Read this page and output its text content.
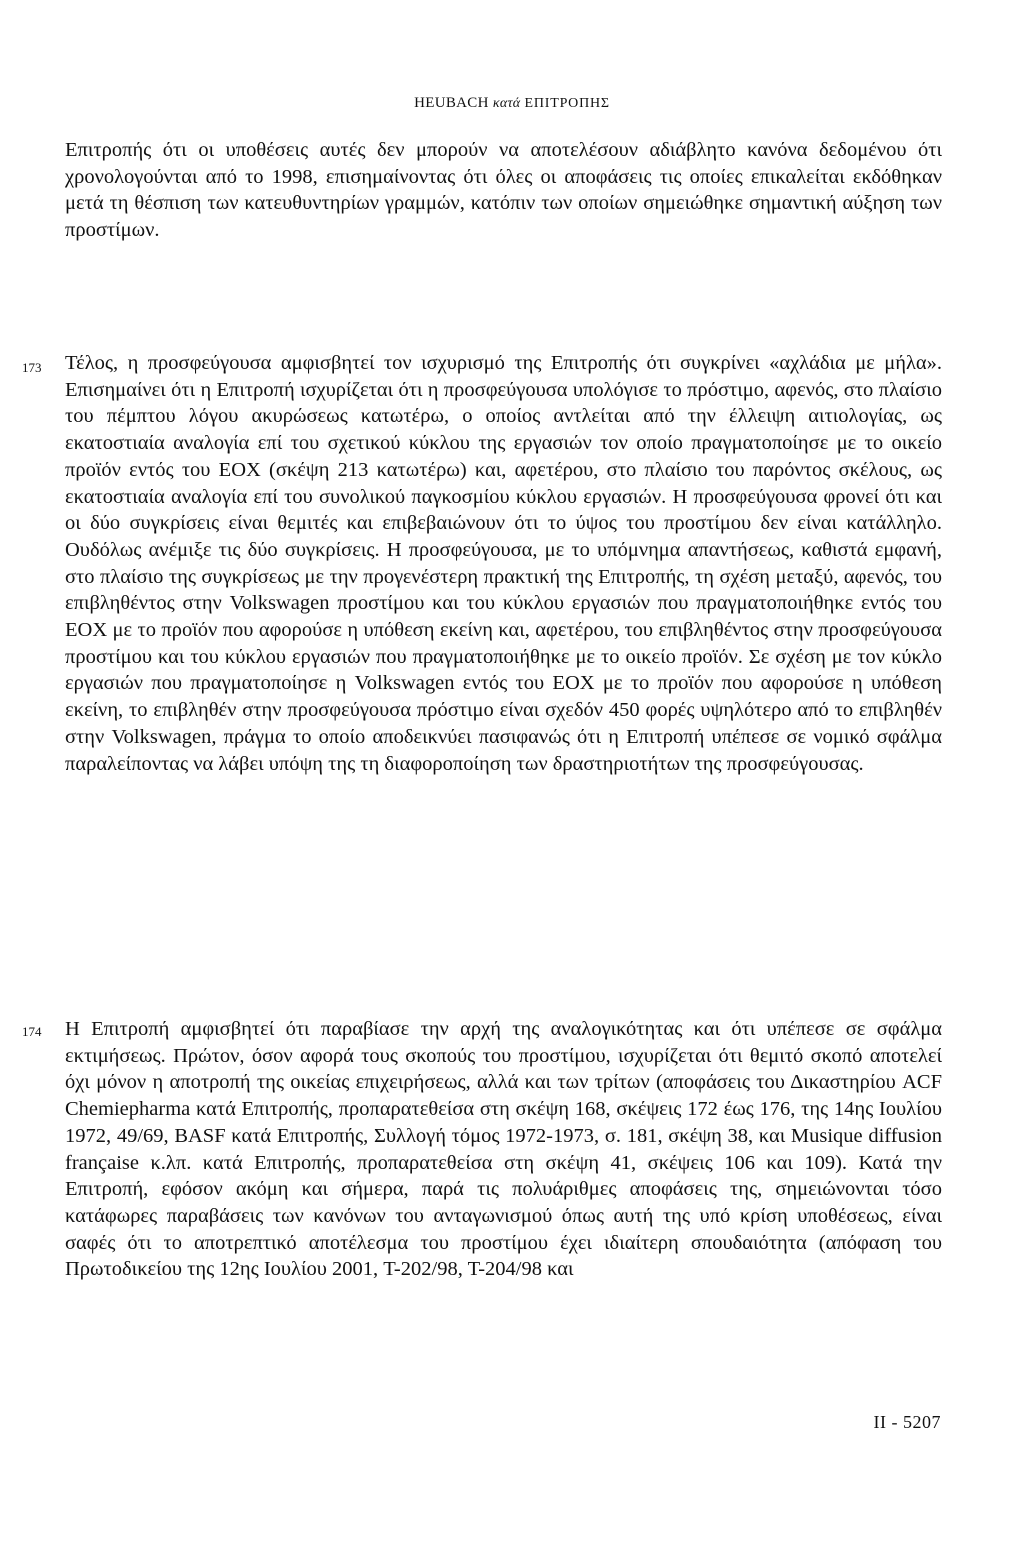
HEUBACH κατά ΕΠΙΤΡΟΠΗΣ
Επιτροπής ότι οι υποθέσεις αυτές δεν μπορούν να αποτελέσουν αδιάβλητο κανόνα δεδομένου ότι χρονολογούνται από το 1998, επισημαίνοντας ότι όλες οι αποφάσεις τις οποίες επικαλείται εκδόθηκαν μετά τη θέσπιση των κατευθυντηρίων γραμμών, κατόπιν των οποίων σημειώθηκε σημαντική αύξηση των προστίμων.
173 Τέλος, η προσφεύγουσα αμφισβητεί τον ισχυρισμό της Επιτροπής ότι συγκρίνει «αχλάδια με μήλα». Επισημαίνει ότι η Επιτροπή ισχυρίζεται ότι η προσφεύγουσα υπολόγισε το πρόστιμο, αφενός, στο πλαίσιο του πέμπτου λόγου ακυρώσεως κατωτέρω, ο οποίος αντλείται από την έλλειψη αιτιολογίας, ως εκατοστιαία αναλογία επί του σχετικού κύκλου της εργασιών τον οποίο πραγματοποίησε με το οικείο προϊόν εντός του ΕΟΧ (σκέψη 213 κατωτέρω) και, αφετέρου, στο πλαίσιο του παρόντος σκέλους, ως εκατοστιαία αναλογία επί του συνολικού παγκοσμίου κύκλου εργασιών. Η προσφεύγουσα φρονεί ότι και οι δύο συγκρίσεις είναι θεμιτές και επιβεβαιώνουν ότι το ύψος του προστίμου δεν είναι κατάλληλο. Ουδόλως ανέμιξε τις δύο συγκρίσεις. Η προσφεύγουσα, με το υπόμνημα απαντήσεως, καθιστά εμφανή, στο πλαίσιο της συγκρίσεως με την προγενέστερη πρακτική της Επιτροπής, τη σχέση μεταξύ, αφενός, του επιβληθέντος στην Volkswagen προστίμου και του κύκλου εργασιών που πραγματοποιήθηκε εντός του ΕΟΧ με το προϊόν που αφορούσε η υπόθεση εκείνη και, αφετέρου, του επιβληθέντος στην προσφεύγουσα προστίμου και του κύκλου εργασιών που πραγματοποιήθηκε με το οικείο προϊόν. Σε σχέση με τον κύκλο εργασιών που πραγματοποίησε η Volkswagen εντός του ΕΟΧ με το προϊόν που αφορούσε η υπόθεση εκείνη, το επιβληθέν στην προσφεύγουσα πρόστιμο είναι σχεδόν 450 φορές υψηλότερο από το επιβληθέν στην Volkswagen, πράγμα το οποίο αποδεικνύει πασιφανώς ότι η Επιτροπή υπέπεσε σε νομικό σφάλμα παραλείποντας να λάβει υπόψη της τη διαφοροποίηση των δραστηριοτήτων της προσφεύγουσας.
174 Η Επιτροπή αμφισβητεί ότι παραβίασε την αρχή της αναλογικότητας και ότι υπέπεσε σε σφάλμα εκτιμήσεως. Πρώτον, όσον αφορά τους σκοπούς του προστίμου, ισχυρίζεται ότι θεμιτό σκοπό αποτελεί όχι μόνον η αποτροπή της οικείας επιχειρήσεως, αλλά και των τρίτων (αποφάσεις του Δικαστηρίου ACF Chemiepharma κατά Επιτροπής, προπαρατεθείσα στη σκέψη 168, σκέψεις 172 έως 176, της 14ης Ιουλίου 1972, 49/69, BASF κατά Επιτροπής, Συλλογή τόμος 1972-1973, σ. 181, σκέψη 38, και Musique diffusion française κ.λπ. κατά Επιτροπής, προπαρατεθείσα στη σκέψη 41, σκέψεις 106 και 109). Κατά την Επιτροπή, εφόσον ακόμη και σήμερα, παρά τις πολυάριθμες αποφάσεις της, σημειώνονται τόσο κατάφωρες παραβάσεις των κανόνων του ανταγωνισμού όπως αυτή της υπό κρίση υποθέσεως, είναι σαφές ότι το αποτρεπτικό αποτέλεσμα του προστίμου έχει ιδιαίτερη σπουδαιότητα (απόφαση του Πρωτοδικείου της 12ης Ιουλίου 2001, T-202/98, T-204/98 και
II - 5207
